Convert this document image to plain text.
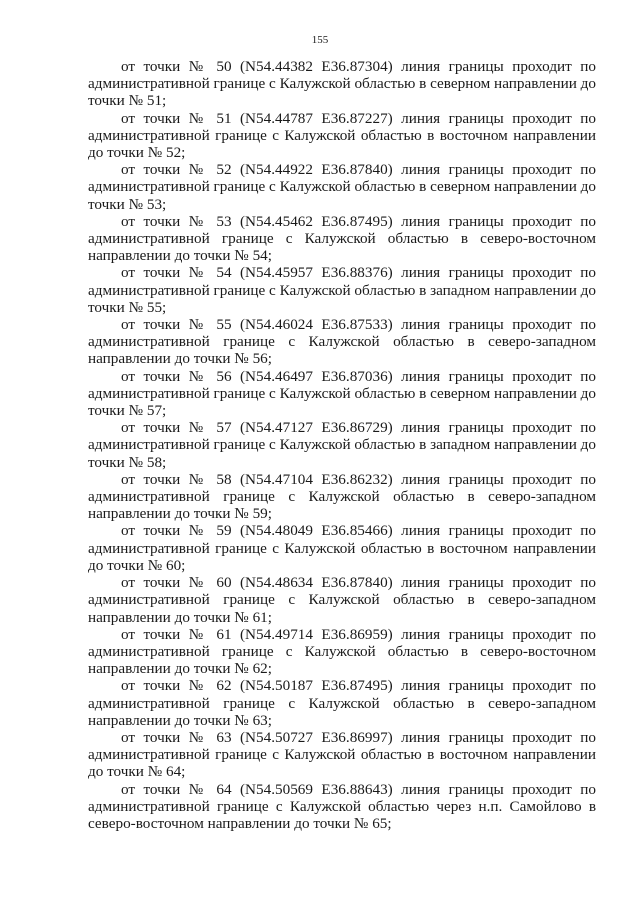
155

от точки № 50 (N54.44382 E36.87304) линия границы проходит по административной границе с Калужской областью в северном направлении до точки № 51;

от точки № 51 (N54.44787 E36.87227) линия границы проходит по административной границе с Калужской областью в восточном направлении до точки № 52;

от точки № 52 (N54.44922 E36.87840) линия границы проходит по административной границе с Калужской областью в северном направлении до точки № 53;

от точки № 53 (N54.45462 E36.87495) линия границы проходит по административной границе с Калужской областью в северо-восточном направлении до точки № 54;

от точки № 54 (N54.45957 E36.88376) линия границы проходит по административной границе с Калужской областью в западном направлении до точки № 55;

от точки № 55 (N54.46024 E36.87533) линия границы проходит по административной границе с Калужской областью в северо-западном направлении до точки № 56;

от точки № 56 (N54.46497 E36.87036) линия границы проходит по административной границе с Калужской областью в северном направлении до точки № 57;

от точки № 57 (N54.47127 E36.86729) линия границы проходит по административной границе с Калужской областью в западном направлении до точки № 58;

от точки № 58 (N54.47104 E36.86232) линия границы проходит по административной границе с Калужской областью в северо-западном направлении до точки № 59;

от точки № 59 (N54.48049 E36.85466) линия границы проходит по административной границе с Калужской областью в восточном направлении до точки № 60;

от точки № 60 (N54.48634 E36.87840) линия границы проходит по административной границе с Калужской областью в северо-западном направлении до точки № 61;

от точки № 61 (N54.49714 E36.86959) линия границы проходит по административной границе с Калужской областью в северо-восточном направлении до точки № 62;

от точки № 62 (N54.50187 E36.87495) линия границы проходит по административной границе с Калужской областью в северо-западном направлении до точки № 63;

от точки № 63 (N54.50727 E36.86997) линия границы проходит по административной границе с Калужской областью в восточном направлении до точки № 64;

от точки № 64 (N54.50569 E36.88643) линия границы проходит по административной границе с Калужской областью через н.п. Самойлово в северо-восточном направлении до точки № 65;
